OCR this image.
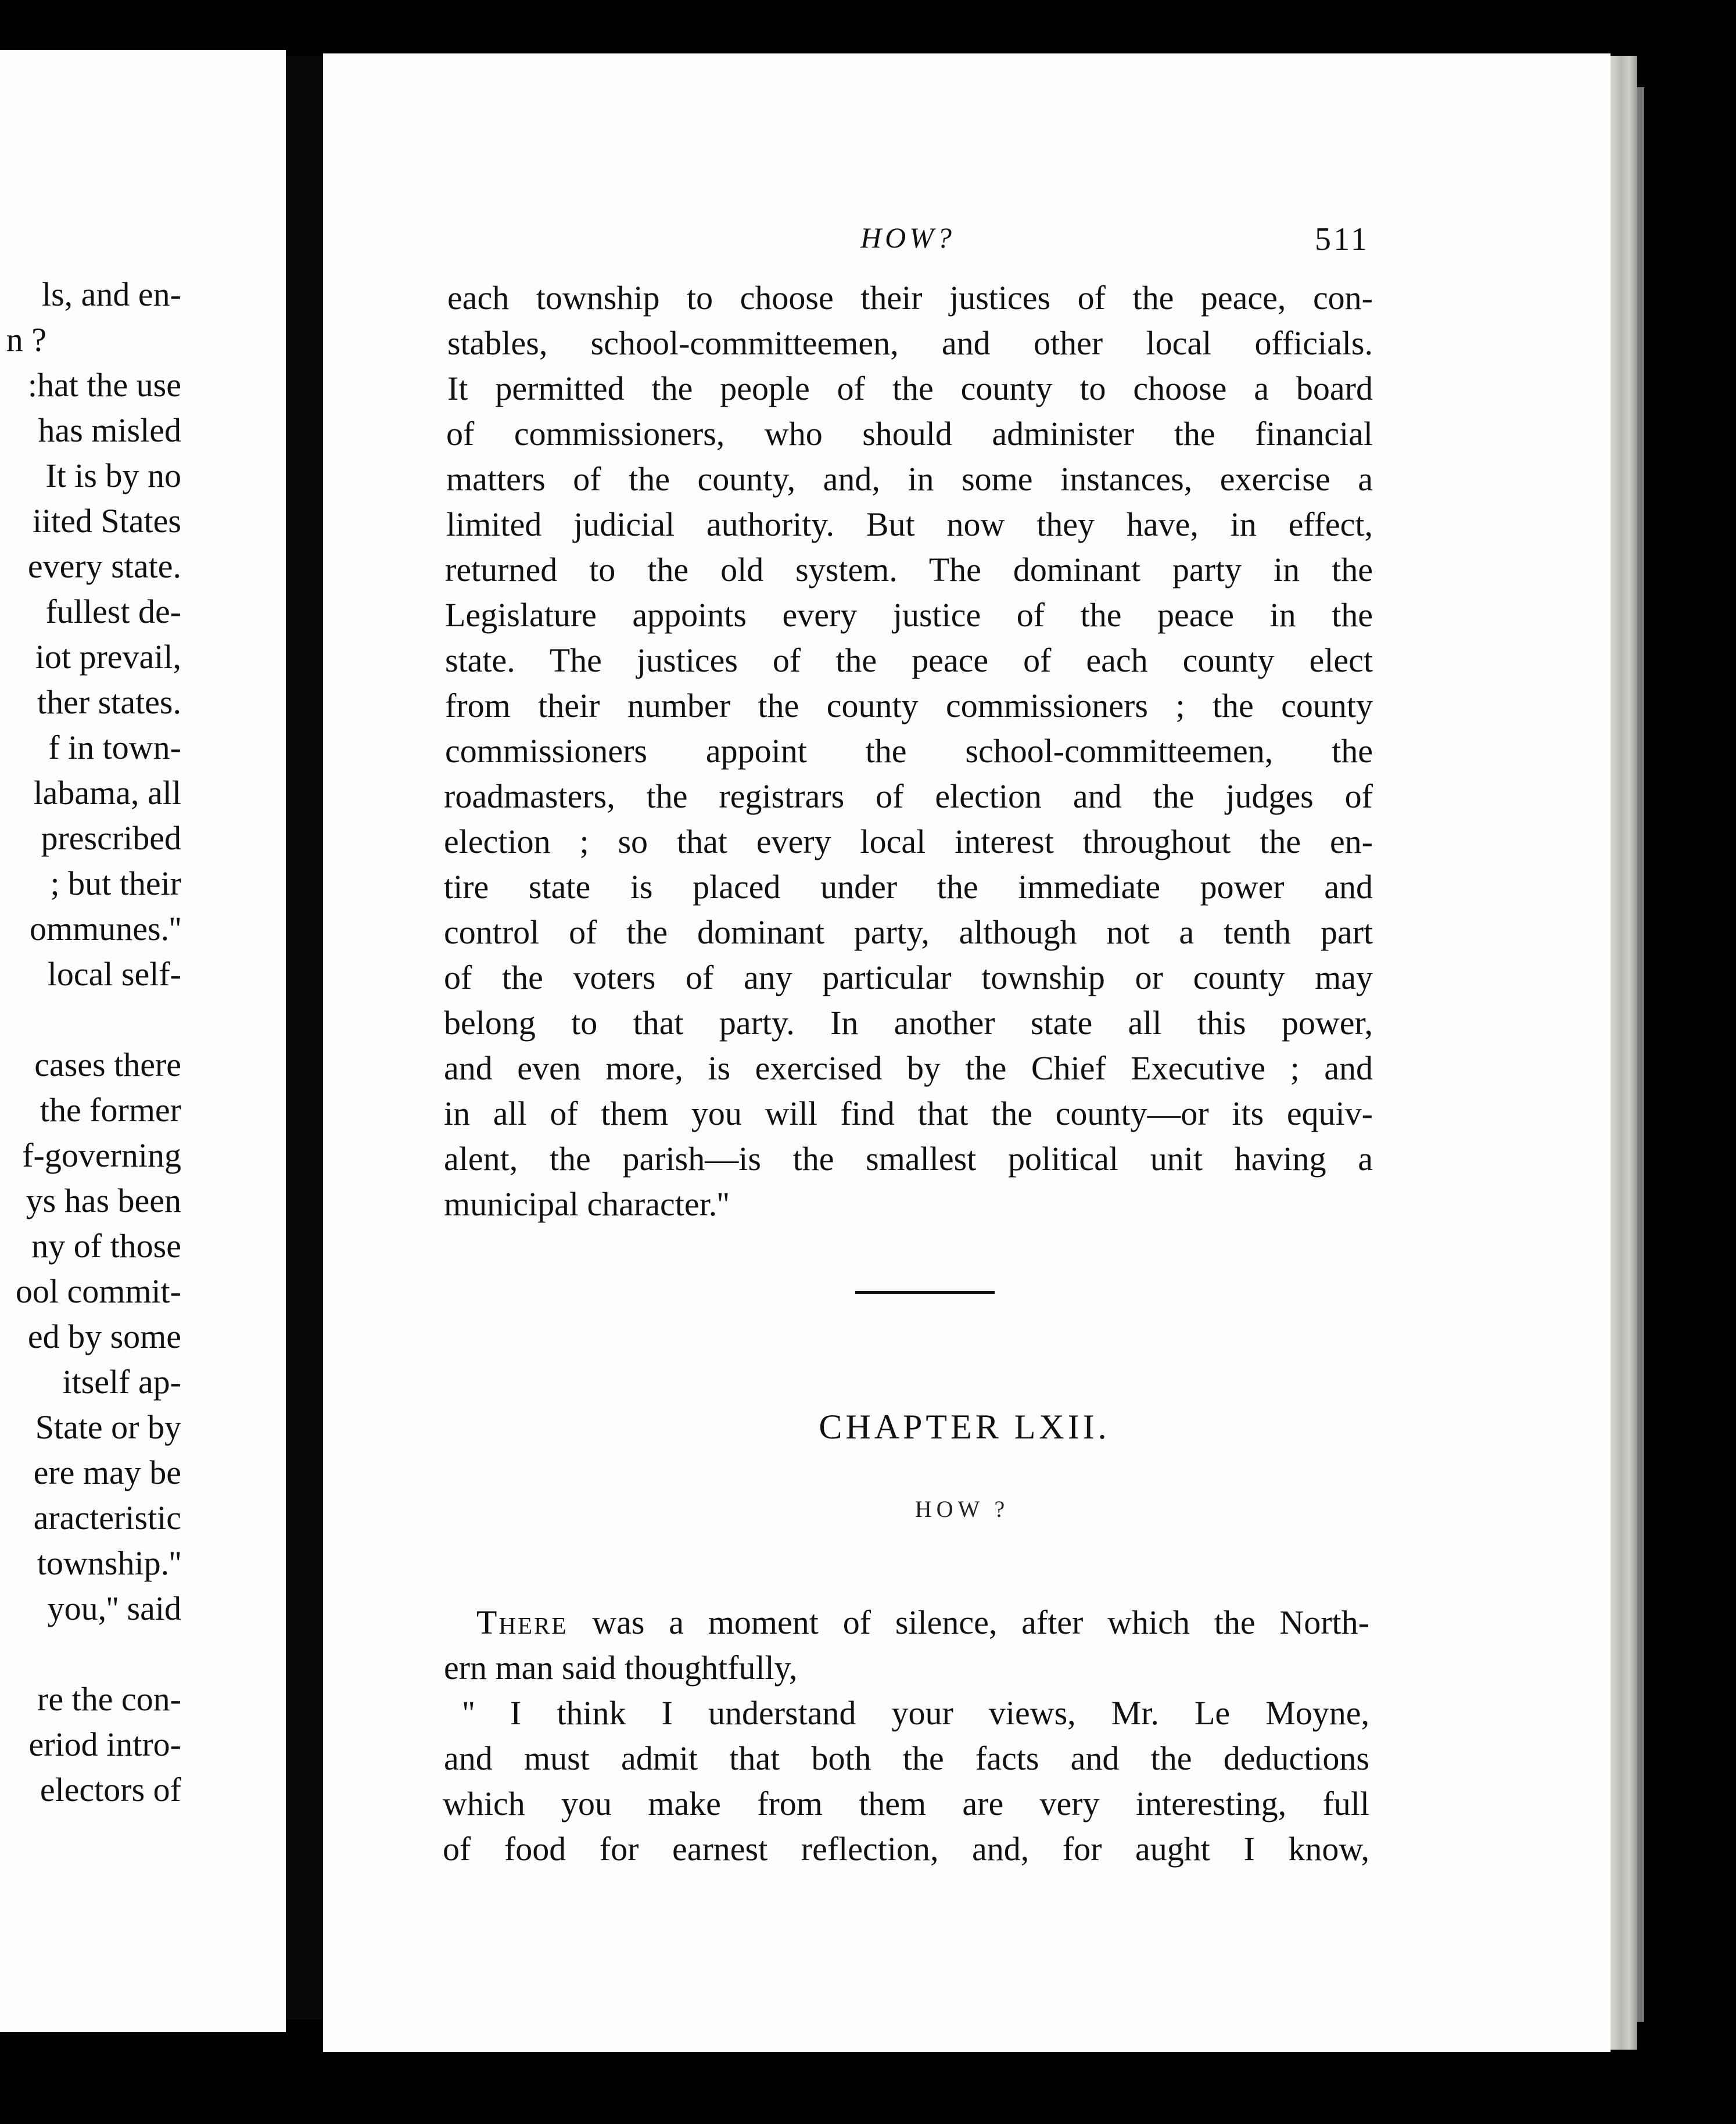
ls, and en-
n ?
:hat the use
has misled
It is by no
iited States
every state.
fullest de-
iot prevail,
ther states.
f in town-
labama, all
prescribed
; but their
ommunes.''
local self-
cases there
the former
f-governing
ys has been
ny of those
ool commit-
ed by some
itself ap-
State or by
ere may be
aracteristic
township.''
you,'' said
re the con-
eriod intro-
electors of
HOW?	511
each township to choose their justices of the peace, con-
stables, school-committeemen, and other local officials.
It permitted the people of the county to choose a board
of commissioners, who should administer the financial
matters of the county, and, in some instances, exercise a
limited judicial authority. But now they have, in effect,
returned to the old system. The dominant party in the
Legislature appoints every justice of the peace in the
state. The justices of the peace of each county elect
from their number the county commissioners ; the county
commissioners appoint the school-committeemen, the
roadmasters, the registrars of election and the judges of
election ; so that every local interest throughout the en-
tire state is placed under the immediate power and
control of the dominant party, although not a tenth part
of the voters of any particular township or county may
belong to that party. In another state all this power,
and even more, is exercised by the Chief Executive ; and
in all of them you will find that the county—or its equiv-
alent, the parish—is the smallest political unit having a
municipal character.''
CHAPTER LXII.
HOW ?
There was a moment of silence, after which the North-
ern man said thoughtfully,
'' I think I understand your views, Mr. Le Moyne,
and must admit that both the facts and the deductions
which you make from them are very interesting, full
of food for earnest reflection, and, for aught I know,
